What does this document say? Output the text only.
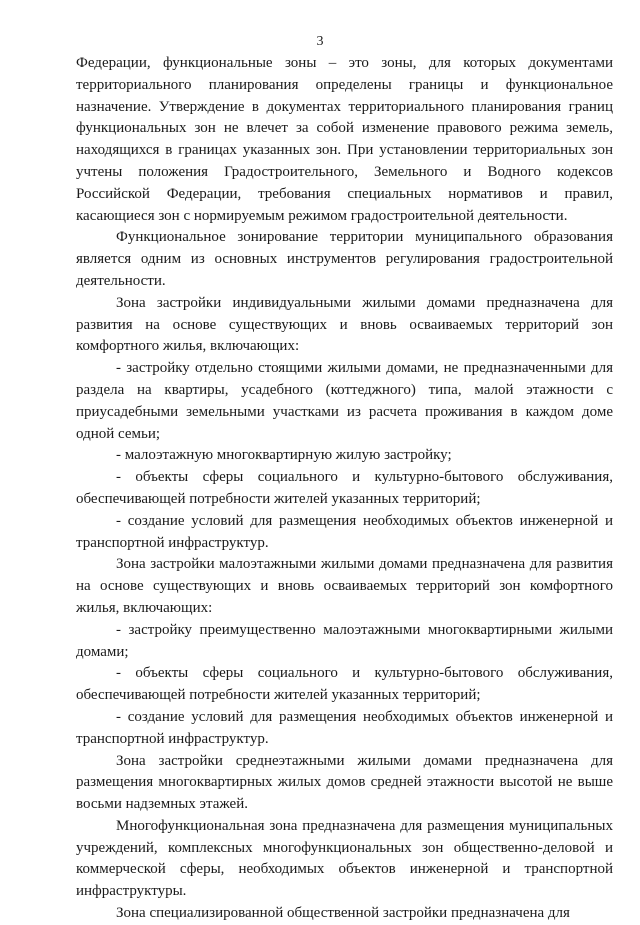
3

Федерации, функциональные зоны – это зоны, для которых документами территориального планирования определены границы и функциональное назначение. Утверждение в документах территориального планирования границ функциональных зон не влечет за собой изменение правового режима земель, находящихся в границах указанных зон. При установлении территориальных зон учтены положения Градостроительного, Земельного и Водного кодексов Российской Федерации, требования специальных нормативов и правил, касающиеся зон с нормируемым режимом градостроительной деятельности.

Функциональное зонирование территории муниципального образования является одним из основных инструментов регулирования градостроительной деятельности.

Зона застройки индивидуальными жилыми домами предназначена для развития на основе существующих и вновь осваиваемых территорий зон комфортного жилья, включающих:

- застройку отдельно стоящими жилыми домами, не предназначенными для раздела на квартиры, усадебного (коттеджного) типа, малой этажности с приусадебными земельными участками из расчета проживания в каждом доме одной семьи;

- малоэтажную многоквартирную жилую застройку;

- объекты сферы социального и культурно-бытового обслуживания, обеспечивающей потребности жителей указанных территорий;

- создание условий для размещения необходимых объектов инженерной и транспортной инфраструктур.

Зона застройки малоэтажными жилыми домами предназначена для развития на основе существующих и вновь осваиваемых территорий зон комфортного жилья, включающих:

- застройку преимущественно малоэтажными многоквартирными жилыми домами;

- объекты сферы социального и культурно-бытового обслуживания, обеспечивающей потребности жителей указанных территорий;

- создание условий для размещения необходимых объектов инженерной и транспортной инфраструктур.

Зона застройки среднеэтажными жилыми домами предназначена для размещения многоквартирных жилых домов средней этажности высотой не выше восьми надземных этажей.

Многофункциональная зона предназначена для размещения муниципальных учреждений, комплексных многофункциональных зон общественно-деловой и коммерческой сферы, необходимых объектов инженерной и транспортной инфраструктуры.

Зона специализированной общественной застройки предназначена для
